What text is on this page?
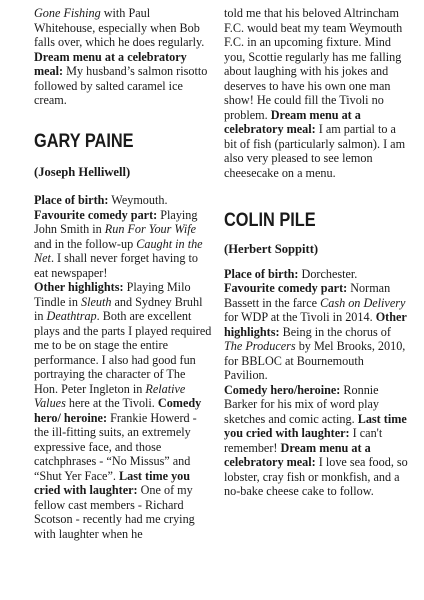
Gone Fishing with Paul Whitehouse, especially when Bob falls over, which he does regularly. Dream menu at a celebratory meal: My husband’s salmon risotto followed by salted caramel ice cream.

GARY PAINE

(Joseph Helliwell)

Place of birth: Weymouth.
Favourite comedy part: Playing John Smith in Run For Your Wife and in the follow-up Caught in the Net. I shall never forget having to eat newspaper!
Other highlights: Playing Milo Tindle in Sleuth and Sydney Bruhl in Deathtrap. Both are excellent plays and the parts I played required me to be on stage the entire performance. I also had good fun portraying the character of The Hon. Peter Ingleton in Relative Values here at the Tivoli. Comedy hero/ heroine: Frankie Howerd - the ill-fitting suits, an extremely expressive face, and those catchphrases - “No Missus” and “Shut Yer Face”. Last time you cried with laughter: One of my fellow cast members - Richard Scotson - recently had me crying with laughter when he

told me that his beloved Altrincham F.C. would beat my team Weymouth F.C. in an upcoming fixture. Mind you, Scottie regularly has me falling about laughing with his jokes and deserves to have his own one man show! He could fill the Tivoli no problem. Dream menu at a celebratory meal: I am partial to a bit of fish (particularly salmon). I am also very pleased to see lemon cheesecake on a menu.

COLIN PILE

(Herbert Soppitt)

Place of birth: Dorchester.
Favourite comedy part: Norman Bassett in the farce Cash on Delivery for WDP at the Tivoli in 2014. Other highlights: Being in the chorus of The Producers by Mel Brooks, 2010, for BBLOC at Bournemouth Pavilion.
Comedy hero/heroine: Ronnie Barker for his mix of word play sketches and comic acting. Last time you cried with laughter: I can't remember! Dream menu at a celebratory meal: I love sea food, so lobster, cray fish or monkfish, and a no-bake cheese cake to follow.
